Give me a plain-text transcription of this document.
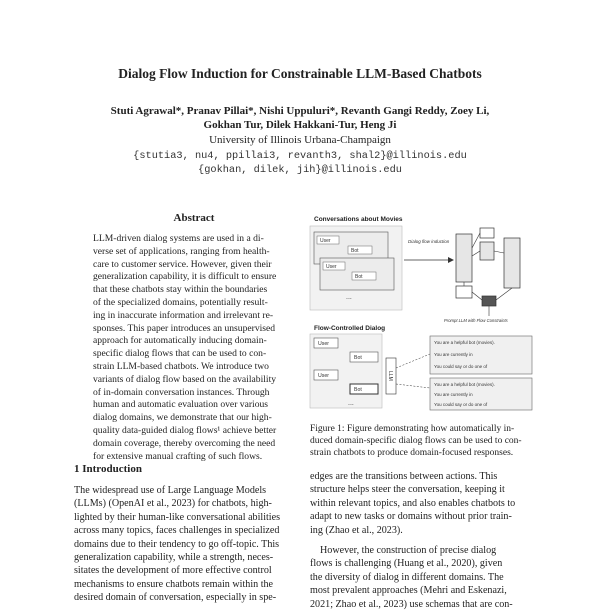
Dialog Flow Induction for Constrainable LLM-Based Chatbots
Stuti Agrawal*, Pranav Pillai*, Nishi Uppuluri*, Revanth Gangi Reddy, Zoey Li,
Gokhan Tur, Dilek Hakkani-Tur, Heng Ji
University of Illinois Urbana-Champaign
{stutia3, nu4, ppillai3, revanth3, shal2}@illinois.edu
{gokhan, dilek, jih}@illinois.edu
Abstract
LLM-driven dialog systems are used in a di-
verse set of applications, ranging from health-
care to customer service. However, given their
generalization capability, it is difficult to ensure
that these chatbots stay within the boundaries
of the specialized domains, potentially result-
ing in inaccurate information and irrelevant re-
sponses. This paper introduces an unsupervised
approach for automatically inducing domain-
specific dialog flows that can be used to con-
strain LLM-based chatbots. We introduce two
variants of dialog flow based on the availability
of in-domain conversation instances. Through
human and automatic evaluation over various
dialog domains, we demonstrate that our high-
quality data-guided dialog flows¹ achieve better
domain coverage, thereby overcoming the need
for extensive manual crafting of such flows.
1 Introduction
The widespread use of Large Language Models
(LLMs) (OpenAI et al., 2023) for chatbots, high-
lighted by their human-like conversational abilities
across many topics, faces challenges in specialized
domains due to their tendency to go off-topic. This
generalization capability, while a strength, neces-
sitates the development of more effective control
mechanisms to ensure chatbots remain within the
desired domain of conversation, especially in spe-
Conversations about Movies
User
Bot
User
Bot
...
Dialog flow induction
Prompt LLM with Flow Constraints
Flow-Controlled Dialog
User
Bot
User
Bot
...
LLM
You are a helpful bot (movies).
You are currently in
You could say or do one of
You are a helpful bot (movies).
You are currently in
You could say or do one of
Figure 1: Figure demonstrating how automatically in-
duced domain-specific dialog flows can be used to con-
strain chatbots to produce domain-focused responses.
edges are the transitions between actions. This
structure helps steer the conversation, keeping it
within relevant topics, and also enables chatbots to
adapt to new tasks or domains without prior train-
ing (Zhao et al., 2023).
However, the construction of precise dialog
flows is challenging (Huang et al., 2020), given
the diversity of dialog in different domains. The
most prevalent approaches (Mehri and Eskenazi,
2021; Zhao et al., 2023) use schemas that are con-
